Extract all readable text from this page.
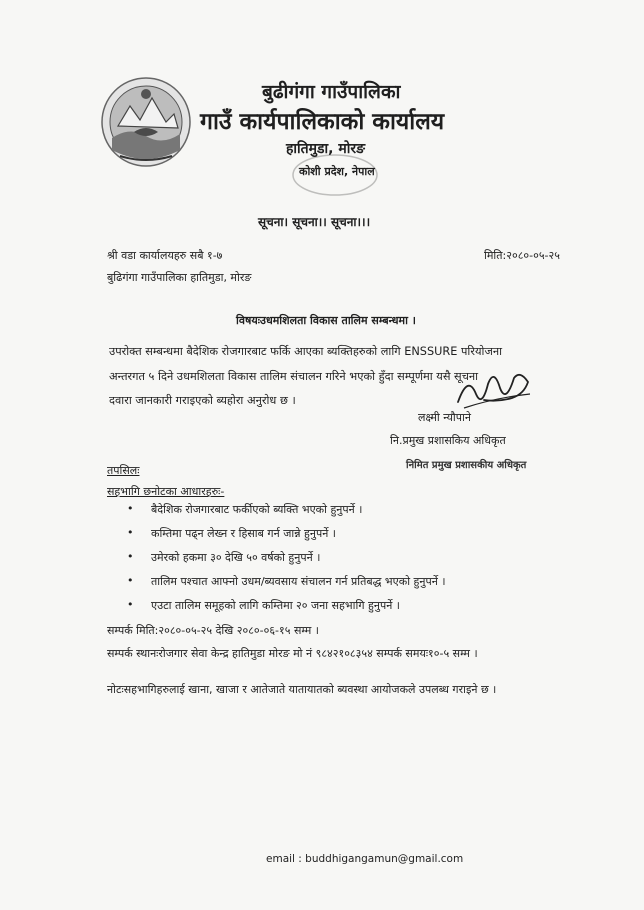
बुढीगंगा गाउँपालिका
गाउँ कार्यपालिकाको कार्यालय
हातिमुडा, मोरङ
कोशी प्रदेश, नेपाल
सूचना। सूचना।। सूचना।।।
श्री वडा कार्यालयहरु सबै १-७	मिति:२०८०-०५-२५
बुढिगंगा गाउँपालिका हातिमुडा, मोरङ
विषयःउधमशिलता विकास तालिम सम्बन्धमा ।
उपरोक्त सम्बन्धमा बैदेशिक रोजगारबाट फर्कि आएका ब्यक्तिहरुको लागि ENSSURE परियोजना
अन्तरगत ५ दिने उधमशिलता विकास तालिम संचालन गरिने भएको हुँदा सम्पूर्णमा यसै सूचना
दवारा जानकारी गराइएको ब्यहोरा अनुरोध छ ।
लक्ष्मी न्यौपाने
नि.प्रमुख प्रशासकिय अधिकृत
निमित प्रमुख प्रशासकीय अधिकृत
तपसिलः
सहभागि छनोटका आधारहरुः-
• बैदेशिक रोजगारबाट फर्कीएको ब्यक्ति भएको हुनुपर्ने ।
• कम्तिमा पढ्न लेख्न र हिसाब गर्न जान्ने हुनुपर्ने ।
• उमेरको हकमा ३० देखि ५० वर्षको हुनुपर्ने ।
• तालिम पश्चात आफ्नो उधम/ब्यवसाय संचालन गर्न प्रतिबद्ध भएको हुनुपर्ने ।
• एउटा तालिम समूहको लागि कम्तिमा २० जना सहभागि हुनुपर्ने ।
सम्पर्क मिति:२०८०-०५-२५ देखि २०८०-०६-१५ सम्म ।
सम्पर्क स्थानःरोजगार सेवा केन्द्र हातिमुडा मोरङ मो नं ९८४२१०८३५४ सम्पर्क समयः१०-५ सम्म ।
नोटःसहभागिहरुलाई खाना, खाजा र आतेजाते यातायातको ब्यवस्था आयोजकले उपलब्ध गराइने छ ।
email : buddhigangamun@gmail.com
